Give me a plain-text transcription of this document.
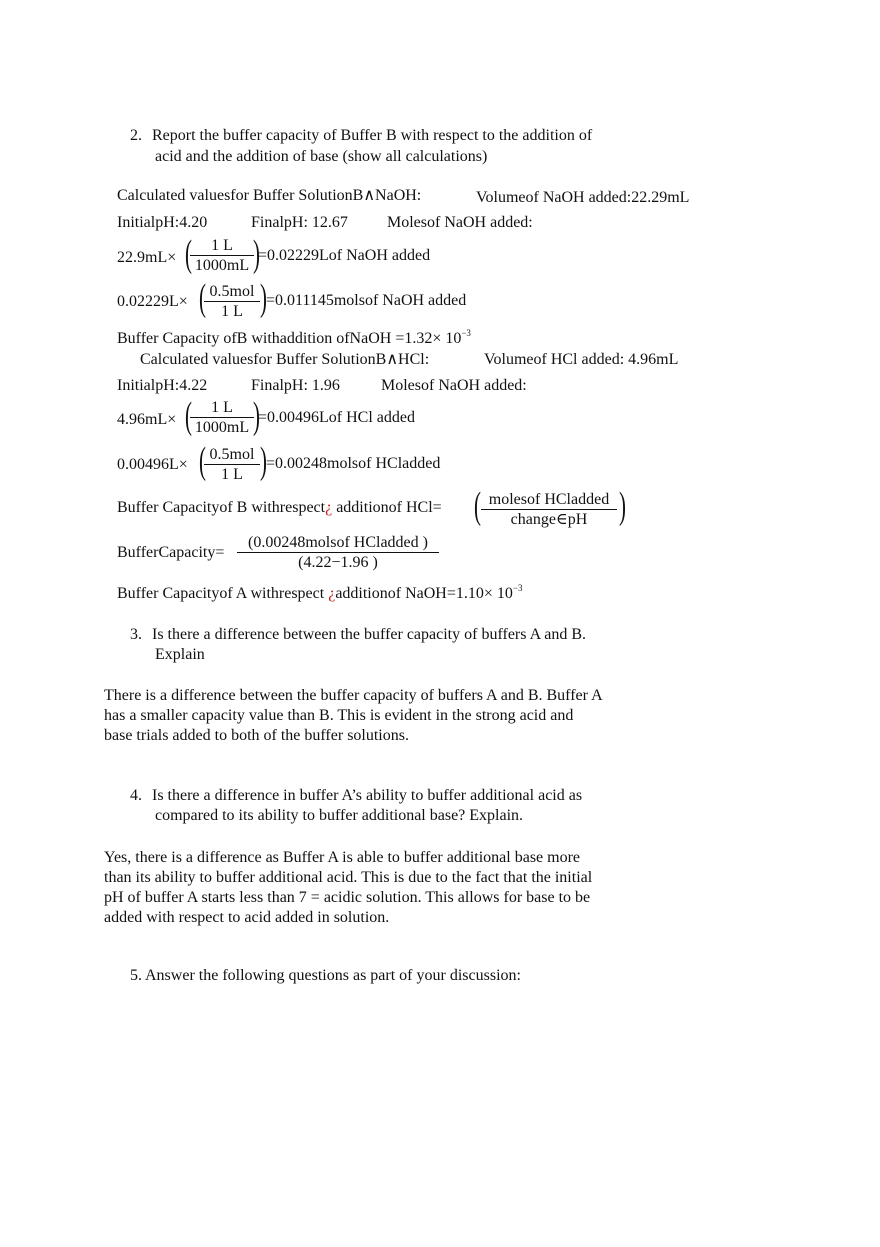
2. Report the buffer capacity of Buffer B with respect to the addition of
acid and the addition of base (show all calculations)
Calculated valuesfor Buffer SolutionB∧NaOH:	Volumeof NaOH added:22.29mL
InitialpH:4.20	FinalpH: 12.67 Molesof NaOH added:
22.9mL× (
$\frac{1 L}{1000mL}$ )
=0.02229Lof NaOH added
0.02229L× ( 0.5mol
1 L ) =0.011145molsof NaOH added
Buffer Capacity ofB withaddition ofNaOH $=1.32\times 10^{-3}$
Calculated valuesfor Buffer SolutionB∧HCl:	Volumeof HCl added: 4.96mL
InitialpH:4.22	FinalpH: 1.96	Molesof NaOH added:
4.96mL× (
$\frac{1 L}{1000mL}$ )
=0.00496Lof HCl added
0.00496L× ( 0.5mol
1 L ) =0.00248molsof HCladded
Buffer Capacityof B withrespect¿ additionof HCl= ( molesof HCladded
change∈pH )
BufferCapacity=
(0.00248molsof HCladded )
(4.22−1.96 )
Buffer Capacityof A withrespect ¿additionof NaOH=1.10× $10^{-3}$
3. Is there a difference between the buffer capacity of buffers A and B.
Explain
There is a difference between the buffer capacity of buffers A and B. Buffer A
has a smaller capacity value than B. This is evident in the strong acid and
base trials added to both of the buffer solutions.
4. Is there a difference in buffer A’s ability to buffer additional acid as
compared to its ability to buffer additional base? Explain.
Yes, there is a difference as Buffer A is able to buffer additional base more
than its ability to buffer additional acid. This is due to the fact that the initial
pH of buffer A starts less than 7 = acidic solution. This allows for base to be
added with respect to acid added in solution.
5. Answer the following questions as part of your discussion:
